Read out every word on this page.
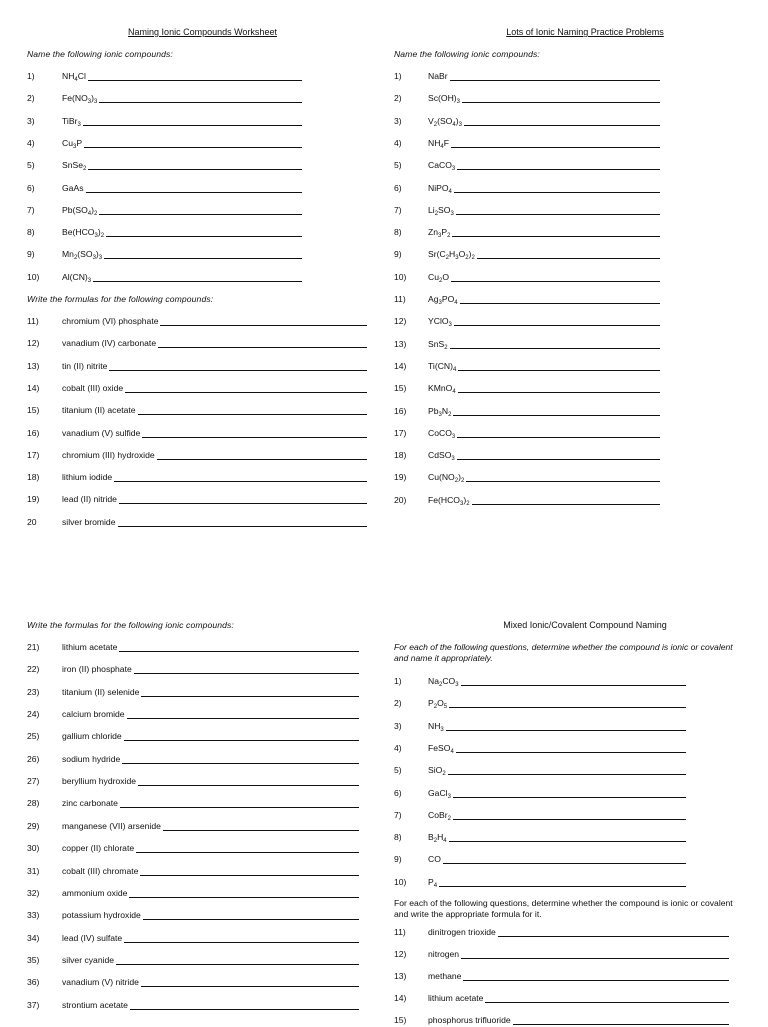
Naming Ionic Compounds Worksheet
Name the following ionic compounds:
1)	$NH_4Cl$
2)	$Fe(NO_3)_3$
3)	TiBr$_3$
4)	$Cu_3P$
5)	SnSe$_2$
6)	GaAs
7)	$Pb(SO_4)_2$
8)	$Be(HCO_3)_2$
9)	$Mn_2(SO_3)_3$
10)	$Al(CN)_3$
Write the formulas for the following compounds:
11)	chromium (VI) phosphate
12)	vanadium (IV) carbonate
13)	tin (II) nitrite
14)	cobalt (III) oxide
15)	titanium (II) acetate
16)	vanadium (V) sulfide
17)	chromium (III) hydroxide
18)	lithium iodide
19)	lead (II) nitride
20	silver bromide
Lots of Ionic Naming Practice Problems
Name the following ionic compounds:
1)	NaBr
2)	$Sc(OH)_3$
3)	$V_2(SO_4)_3$
4)	$NH_4F$
5)	CaCO$_3$
6)	NiPO$_4$
7)	$Li_2SO_3$
8)	$Zn_3P_2$
9)	$Sr(C_2H_3O_2)_2$
10)	$Cu_2O$
11)	$Ag_3PO_4$
12)	YClO$_3$
13)	SnS$_2$
14)	$Ti(CN)_4$
15)	KMnO$_4$
16)	$Pb_3N_2$
17)	CoCO$_3$
18)	CdSO$_3$
19)	$Cu(NO_2)_2$
20)	$Fe(HCO_3)_2$
Write the formulas for the following ionic compounds:
21)	lithium acetate
22)	iron (II) phosphate
23)	titanium (II) selenide
24)	calcium bromide
25)	gallium chloride
26)	sodium hydride
27)	beryllium hydroxide
28)	zinc carbonate
29)	manganese (VII) arsenide
30)	copper (II) chlorate
31)	cobalt (III) chromate
32)	ammonium oxide
33)	potassium hydroxide
34)	lead (IV) sulfate
35)	silver cyanide
36)	vanadium (V) nitride
37)	strontium acetate
Mixed Ionic/Covalent Compound Naming
For each of the following questions, determine whether the compound is ionic or covalent and name it appropriately.
1)	$Na_2CO_3$
2)	$P_2O_5$
3)	$NH_3$
4)	FeSO$_4$
5)	SiO$_2$
6)	GaCl$_3$
7)	CoBr$_2$
8)	$B_2H_4$
9)	CO
10)	$P_4$
For each of the following questions, determine whether the compound is ionic or covalent and write the appropriate formula for it.
11)	dinitrogen trioxide
12)	nitrogen
13)	methane
14)	lithium acetate
15)	phosphorus trifluoride
